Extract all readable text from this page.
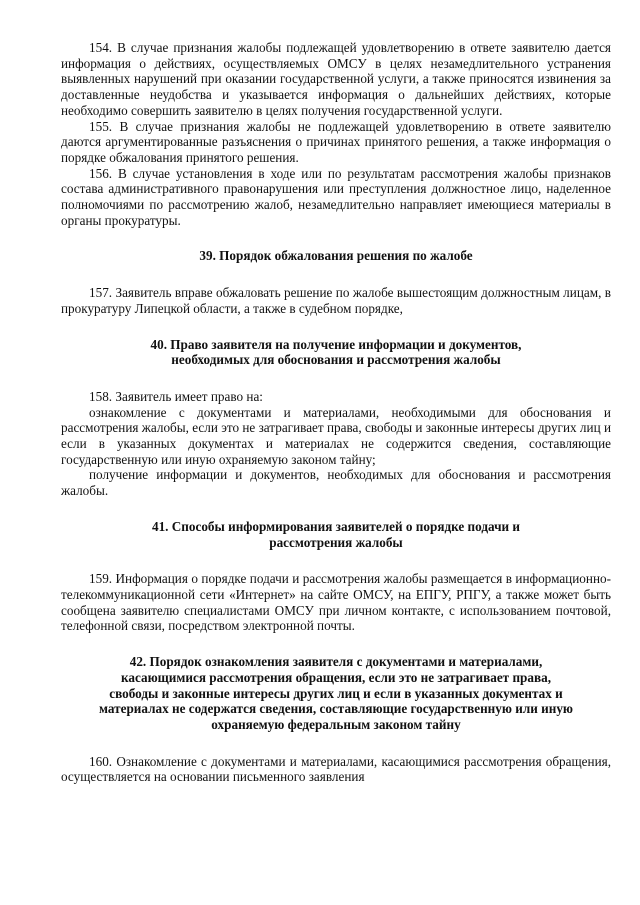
154. В случае признания жалобы подлежащей удовлетворению в ответе заявителю дается информация о действиях, осуществляемых ОМСУ в целях незамедлительного устранения выявленных нарушений при оказании государственной услуги, а также приносятся извинения за доставленные неудобства и указывается информация о дальнейших действиях, которые необходимо совершить заявителю в целях получения государственной услуги.

155. В случае признания жалобы не подлежащей удовлетворению в ответе заявителю даются аргументированные разъяснения о причинах принятого решения, а также информация о порядке обжалования принятого решения.

156. В случае установления в ходе или по результатам рассмотрения жалобы признаков состава административного правонарушения или преступления должностное лицо, наделенное полномочиями по рассмотрению жалоб, незамедлительно направляет имеющиеся материалы в органы прокуратуры.

39. Порядок обжалования решения по жалобе

157. Заявитель вправе обжаловать решение по жалобе вышестоящим должностным лицам, в прокуратуру Липецкой области, а также в судебном порядке,

40. Право заявителя на получение информации и документов,

необходимых для обоснования и рассмотрения жалобы

158. Заявитель имеет право на:

ознакомление с документами и материалами, необходимыми для обоснования и рассмотрения жалобы, если это не затрагивает права, свободы и законные интересы других лиц и если в указанных документах и материалах не содержится сведения, составляющие государственную или иную охраняемую законом тайну;

получение информации и документов, необходимых для обоснования и рассмотрения жалобы.

41. Способы информирования заявителей о порядке подачи и

рассмотрения жалобы

159. Информация о порядке подачи и рассмотрения жалобы размещается в информационно-телекоммуникационной сети «Интернет» на сайте ОМСУ, на ЕПГУ, РПГУ, а также может быть сообщена заявителю специалистами ОМСУ при личном контакте, с использованием почтовой, телефонной связи, посредством электронной почты.

42. Порядок ознакомления заявителя с документами и материалами,

касающимися рассмотрения обращения, если это не затрагивает права,

свободы и законные интересы других лиц и если в указанных документах и

материалах не содержатся сведения, составляющие государственную или иную

охраняемую федеральным законом тайну

160. Ознакомление с документами и материалами, касающимися рассмотрения обращения, осуществляется на основании письменного заявления
